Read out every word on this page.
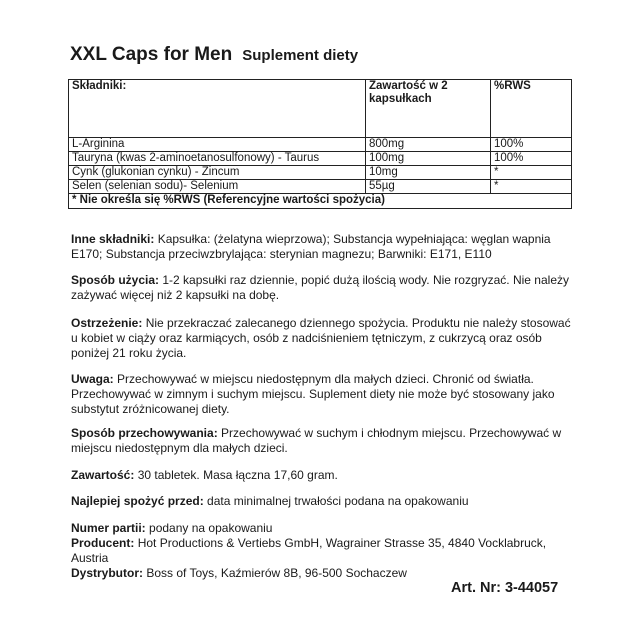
XXL Caps for Men Suplement diety
Składniki:	Zawartość w 2 kapsułkach	%RWS
L-Arginina	800mg	100%
Tauryna (kwas 2-aminoetanosulfonowy) - Taurus	100mg	100%
Cynk (glukonian cynku) - Zincum	10mg	*
Selen (selenian sodu)- Selenium	55µg	*
* Nie określa się %RWS (Referencyjne wartości spożycia)		
Inne składniki: Kapsułka: (żelatyna wieprzowa); Substancja wypełniająca: węglan wapnia E170; Substancja przeciwzbrylająca: sterynian magnezu; Barwniki: E171, E110
Sposób użycia: 1-2 kapsułki raz dziennie, popić dużą ilością wody. Nie rozgryzać. Nie należy zażywać więcej niż 2 kapsułki na dobę.
Ostrzeżenie: Nie przekraczać zalecanego dziennego spożycia. Produktu nie należy stosować u kobiet w ciąży oraz karmiących, osób z nadciśnieniem tętniczym, z cukrzycą oraz osób poniżej 21 roku życia.
Uwaga: Przechowywać w miejscu niedostępnym dla małych dzieci. Chronić od światła. Przechowywać w zimnym i suchym miejscu. Suplement diety nie może być stosowany jako substytut zróżnicowanej diety.
Sposób przechowywania: Przechowywać w suchym i chłodnym miejscu. Przechowywać w miejscu niedostępnym dla małych dzieci.
Zawartość: 30 tabletek. Masa łączna 17,60 gram.
Najlepiej spożyć przed: data minimalnej trwałości podana na opakowaniu
Numer partii: podany na opakowaniu
Producent: Hot Productions & Vertiebs GmbH, Wagrainer Strasse 35, 4840 Vocklabruck, Austria
Dystrybutor: Boss of Toys, Kaźmierów 8B, 96-500 Sochaczew
Art. Nr: 3-44057
